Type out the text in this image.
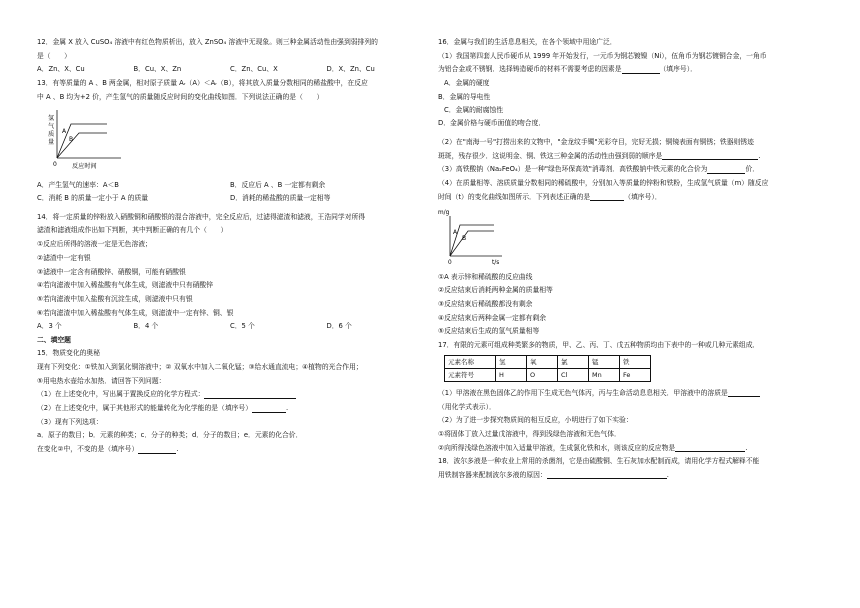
12．金属 X 放入 CuSO₄ 溶液中有红色物质析出，放入 ZnSO₄ 溶液中无现象。则三种金属活动性由强到弱排列的

是（　　）

A．Zn、X、Cu	B．Cu、X、Zn	C．Zn、Cu、X	D．X、Zn、Cu

13．有等质量的 A 、B 两金属，相对原子质量 Aᵣ（A）＜Aᵣ（B），将其放入质量分数相同的稀盐酸中，在反应

中 A 、B 均为+2 价，产生氢气的质量随反应时间的变化曲线如图．下列说法正确的是（　　）

氢
气
质
量
A
B
0 反应时间
A．产生氢气的速率：A＜B	B．反应后 A 、B 一定都有剩余
C．消耗 B 的质量一定小于 A 的质量	D．消耗的稀盐酸的质量一定相等

14．将一定质量的锌粉放入硝酸铜和硝酸银的混合溶液中，完全反应后，过滤得滤渣和滤液，王浩同学对所得

滤渣和滤液组成作出如下判断，其中判断正确的有几个（　　）

①反应后所得的溶液一定是无色溶液；

②滤渣中一定有银

③滤液中一定含有硝酸锌、硝酸铜，可能有硝酸银

④若向滤液中加入稀盐酸有气体生成，则滤液中只有硝酸锌

⑤若向滤液中加入盐酸有沉淀生成，则滤液中只有银

⑥若向滤渣中加入稀盐酸有气体生成，则滤渣中一定有锌、铜、银

A．3 个	B．4 个	C．5 个	D．6 个

二、填空题

15．物质变化的奥秘

现有下列变化：①铁加入到氯化铜溶液中；② 双氧水中加入二氧化锰；③给水通直流电；④植物的光合作用；

⑤用电热水壶给水加热．请回答下列问题：

（1）在上述变化中，写出属于置换反应的化学方程式：

（2）在上述变化中，属于其他形式的能量转化为化学能的是（填序号）	.

（3）现有下列选项：

a．原子的数目；b．元素的种类；c．分子的种类；d．分子的数目；e．元素的化合价．

在变化②中，不变的是（填序号）	.

16．金属与我们的生活息息相关，在各个领域中用途广泛．

（1）我国第四套人民币硬币从 1999 年开始发行，一元币为钢芯镀镍（Ni），伍角币为钢芯镀铜合金，一角币

为铝合金或不锈钢．选择铸造硬币的材料不需要考虑的因素是	（填序号）．

A．金属的硬度
B．金属的导电性
C．金属的耐腐蚀性
D．金属价格与硬币面值的吻合度．

（2）在"南海一号"打捞出来的文物中，"金龙纹手镯"光彩夺目，完好无损；铜镜表面有铜锈；铁器则锈迹

斑斑，残存很少．这说明金、铜、铁这三种金属的活动性由强到弱的顺序是	.

（3）高铁酸钠（Na₂FeO₄）是一种"绿色环保高效"消毒剂．高铁酸钠中铁元素的化合价为	价．

（4）在质量相等、溶质质量分数相同的稀硫酸中，分别加入等质量的锌粉和铁粉，生成氢气质量（m）随反应

时间（t）的变化曲线如图所示．下列表述正确的是	（填序号）．

m/g
A
B
0	t/s

①A 表示锌和稀硫酸的反应曲线

②反应结束后消耗两种金属的质量相等

③反应结束后稀硫酸都没有剩余

④反应结束后两种金属一定都有剩余

⑤反应结束后生成的氢气质量相等

17．有限的元素可组成种类繁多的物质，甲、乙、丙、丁、戊五种物质均由下表中的一种或几种元素组成．

元素名称	氢	氧	氯	锰	铁
元素符号	H	O	Cl	Mn	Fe

（1）甲溶液在黑色固体乙的作用下生成无色气体丙，丙与生命活动息息相关．甲溶液中的溶质是

（用化学式表示）．

（2）为了进一步探究物质间的相互反应，小明进行了如下实验：

①将固体丁放入过量戊溶液中，得到浅绿色溶液和无色气体．

②向所得浅绿色溶液中加入适量甲溶液，生成氯化铁和水，则该反应的反应物是	.

18．波尔多液是一种农业上常用的杀菌剂，它是由硫酸铜、生石灰加水配制而成，请用化学方程式解释不能

用铁制容器来配制波尔多液的原因：	.
